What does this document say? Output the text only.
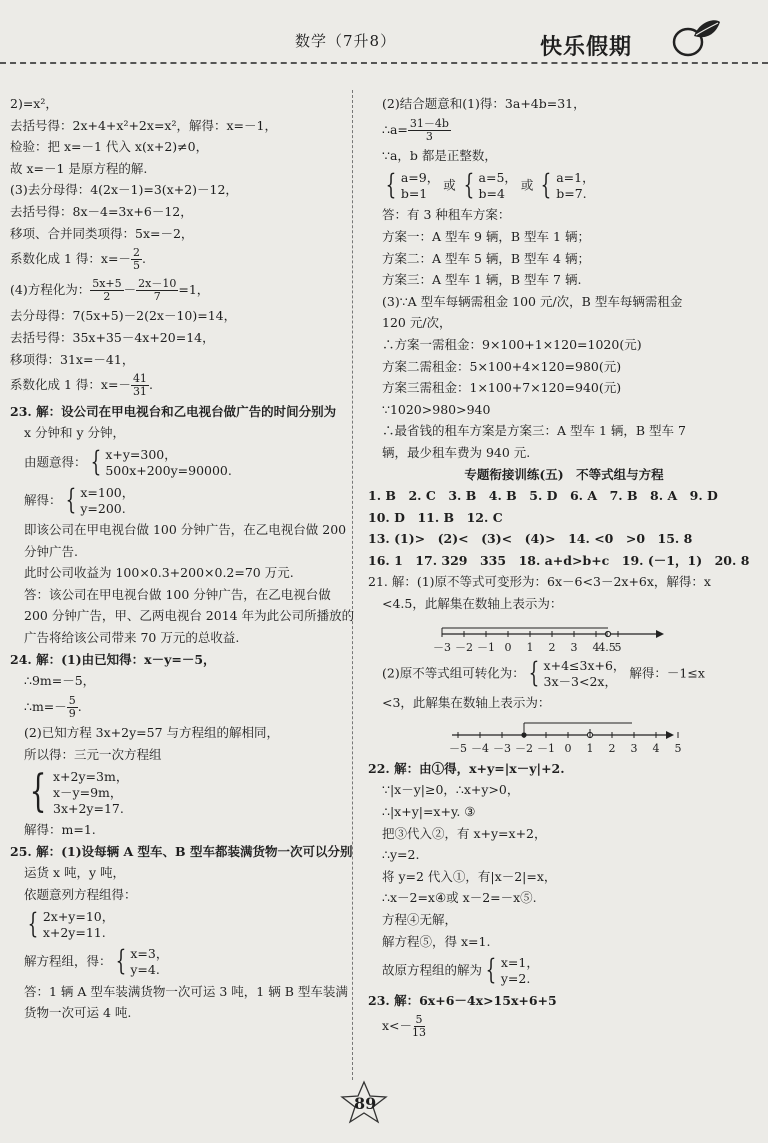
数学（7升8）	快乐假期
2)=x²，
去括号得：2x+4+x²+2x=x²，解得：x=－1，
检验：把 x=－1 代入 x(x+2)≠0，
故 x=－1 是原方程的解.
(3)去分母得：4(2x－1)=3(x+2)－12，
去括号得：8x－4=3x+6－12，
移项、合并同类项得：5x=－2，
系数化成 1 得：$x=- \frac{2}{5}$ .
(4)方程化为： $\frac{5x+5}{2} - \frac{2x-10}{7} =1$，
去分母得：7(5x+5)－2(2x－10)=14，
去括号得：35x+35－4x+20=14，
移项得：31x=－41，
系数化成 1 得：$x=- \frac{41}{31}$ .
23. 解：设公司在甲电视台和乙电视台做广告的时间分别为
x 分钟和 y 分钟，
由题意得： { x+y=300，
500x+200y=90000.
解得： { x=100，
y=200.
即该公司在甲电视台做 100 分钟广告，在乙电视台做 200
分钟广告.
此时公司收益为 100×0.3+200×0.2=70 万元.
答：该公司在甲电视台做 100 分钟广告，在乙电视台做
200 分钟广告，甲、乙两电视台 2014 年为此公司所播放的
广告将给该公司带来 70 万元的总收益.
24. 解：(1)由已知得：x－y=－5，
∴9m=－5，
∴m=－ $\frac{5}{9}$ .
(2)已知方程 3x+2y=57 与方程组的解相同，
所以得：三元一次方程组
{ x+2y=3m，
x－y=9m，
3x+2y=17.
解得：m=1.
25. 解：(1)设每辆 A 型车、B 型车都装满货物一次可以分别
运货 x 吨，y 吨，
依题意列方程组得：
{ 2x+y=10，
x+2y=11.
解方程组，得： { x=3，
y=4.
答：1 辆 A 型车装满货物一次可运 3 吨，1 辆 B 型车装满
货物一次可运 4 吨.
(2)结合题意和(1)得：3a+4b=31，
∴a= $\frac{31-4b}{3}$
∵a，b 都是正整数，
{ a=9，
b=1
或 { a=5，
b=4
或 { a=1，
b=7.
答：有 3 种租车方案：
方案一：A 型车 9 辆，B 型车 1 辆；
方案二：A 型车 5 辆，B 型车 4 辆；
方案三：A 型车 1 辆，B 型车 7 辆.
(3)∵A 型车每辆需租金 100 元/次，B 型车每辆需租金
120 元/次，
∴方案一需租金：9×100+1×120=1020(元)
方案二需租金：5×100+4×120=980(元)
方案三需租金：1×100+7×120=940(元)
∵1020>980>940
∴最省钱的租车方案是方案三：A 型车 1 辆，B 型车 7
辆，最少租车费为 940 元.
专题衔接训练(五)　不等式组与方程
1. B　2. C　3. B　4. B　5. D　6. A　7. B　8. A　9. D
10. D　11. B　12. C
13. (1)>　(2)<　(3)<　(4)>　14. <0　>0　15. 8
16. 1　17. 329　335　18. a+d>b+c　19. (－1，1)　20. 8
21. 解：(1)原不等式可变形为：6x－6<3－2x+6x，解得：x
<4.5，此解集在数轴上表示为：
－3 －2 －1 0 1 2 3 4
4.5
5
(2)原不等式组可转化为： { x+4≤3x+6，
3x－3<2x，
解得：－1≤x
<3，此解集在数轴上表示为：
－5 －4 －3 －2 －1 0 1 2 3 4 5
22. 解：由①得，x+y=|x－y|+2.
∵|x－y|≥0，∴x+y>0，
∴|x+y|=x+y. ③
把③代入②，有 x+y=x+2，
∴y=2.
将 y=2 代入①，有|x－2|=x，
∴x－2=x④或 x－2=－x⑤.
方程④无解，
解方程⑤，得 x=1.
故原方程组的解为 { x=1，
y=2.
23. 解：6x+6－4x>15x+6+5
$x<- \frac{5}{13}$
89
